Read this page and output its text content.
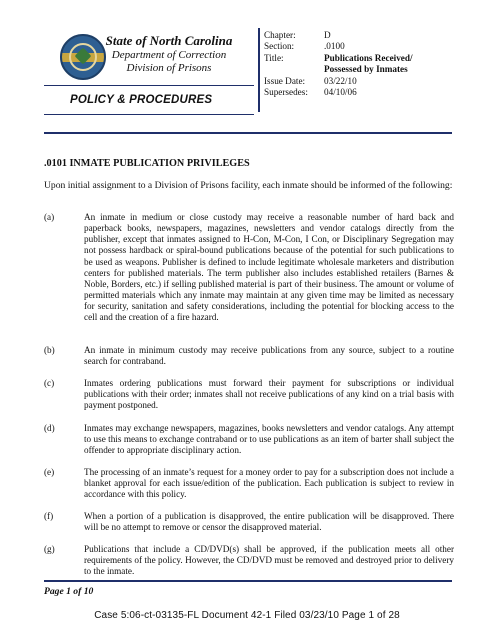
State of North Carolina
Department of Correction
Division of Prisons
POLICY & PROCEDURES
Chapter:	D
Section:	.0100
Title:	Publications Received/
Possessed by Inmates
Issue Date:	03/22/10
Supersedes:	04/10/06
.0101 INMATE PUBLICATION PRIVILEGES
Upon initial assignment to a Division of Prisons facility, each inmate should be informed of the following:
(a)	An inmate in medium or close custody may receive a reasonable number of hard back and paperback books, newspapers, magazines, newsletters and vendor catalogs directly from the publisher, except that inmates assigned to H-Con, M-Con, I Con, or Disciplinary Segregation may not possess hardback or spiral-bound publications because of the potential for such publications to be used as weapons. Publisher is defined to include legitimate wholesale marketers and distribution centers for published materials. The term publisher also includes established retailers (Barnes & Noble, Borders, etc.) if selling published material is part of their business. The amount or volume of permitted materials which any inmate may maintain at any given time may be limited as necessary for security, sanitation and safety considerations, including the potential for blocking access to the cell and the creation of a fire hazard.
(b)	An inmate in minimum custody may receive publications from any source, subject to a routine search for contraband.
(c)	Inmates ordering publications must forward their payment for subscriptions or individual publications with their order; inmates shall not receive publications of any kind on a trial basis with payment postponed.
(d)	Inmates may exchange newspapers, magazines, books newsletters and vendor catalogs. Any attempt to use this means to exchange contraband or to use publications as an item of barter shall subject the offender to appropriate disciplinary action.
(e)	The processing of an inmate’s request for a money order to pay for a subscription does not include a blanket approval for each issue/edition of the publication. Each publication is subject to review in accordance with this policy.
(f)	When a portion of a publication is disapproved, the entire publication will be disapproved. There will be no attempt to remove or censor the disapproved material.
(g)	Publications that include a CD/DVD(s) shall be approved, if the publication meets all other requirements of the policy. However, the CD/DVD must be removed and destroyed prior to delivery to the inmate.
Page 1 of 10
Case 5:06-ct-03135-FL Document 42-1 Filed 03/23/10 Page 1 of 28
